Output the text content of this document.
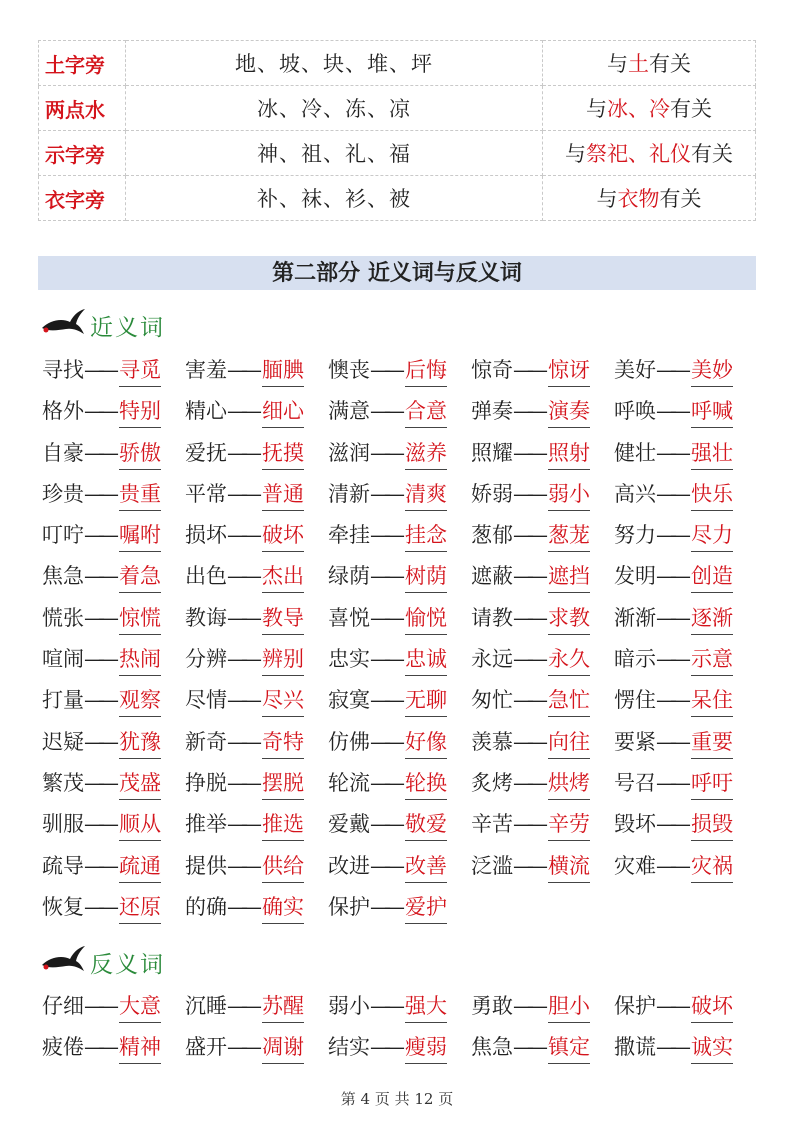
土字旁	地、坡、块、堆、坪	与土有关
两点水	冰、冷、冻、凉	与冰、冷有关
示字旁	神、祖、礼、福	与祭祀、礼仪有关
衣字旁	补、袜、衫、被	与衣物有关
第二部分 近义词与反义词
近义词
寻找 —— 寻觅 害羞 —— 腼腆 懊丧 —— 后悔 惊奇 —— 惊讶 美好 —— 美妙
格外 —— 特别 精心 —— 细心 满意 —— 合意 弹奏 —— 演奏 呼唤 —— 呼喊
自豪 —— 骄傲 爱抚 —— 抚摸 滋润 —— 滋养 照耀 —— 照射 健壮 —— 强壮
珍贵 —— 贵重 平常 —— 普通 清新 —— 清爽 娇弱 —— 弱小 高兴 —— 快乐
叮咛 —— 嘱咐 损坏 —— 破坏 牵挂 —— 挂念 葱郁 —— 葱茏 努力 —— 尽力
焦急 —— 着急 出色 —— 杰出 绿荫 —— 树荫 遮蔽 —— 遮挡 发明 —— 创造
慌张 —— 惊慌 教诲 —— 教导 喜悦 —— 愉悦 请教 —— 求教 渐渐 —— 逐渐
喧闹 —— 热闹 分辨 —— 辨别 忠实 —— 忠诚 永远 —— 永久 暗示 —— 示意
打量 —— 观察 尽情 —— 尽兴 寂寞 —— 无聊 匆忙 —— 急忙 愣住 —— 呆住
迟疑 —— 犹豫 新奇 —— 奇特 仿佛 —— 好像 羡慕 —— 向往 要紧 —— 重要
繁茂 —— 茂盛 挣脱 —— 摆脱 轮流 —— 轮换 炙烤 —— 烘烤 号召 —— 呼吁
驯服 —— 顺从 推举 —— 推选 爱戴 —— 敬爱 辛苦 —— 辛劳 毁坏 —— 损毁
疏导 —— 疏通 提供 —— 供给 改进 —— 改善 泛滥 —— 横流 灾难 —— 灾祸
恢复 —— 还原 的确 —— 确实 保护 —— 爱护
反义词
仔细 —— 大意 沉睡 —— 苏醒 弱小 —— 强大 勇敢 —— 胆小 保护 —— 破坏
疲倦 —— 精神 盛开 —— 凋谢 结实 —— 瘦弱 焦急 —— 镇定 撒谎 —— 诚实
第 4 页 共 12 页
